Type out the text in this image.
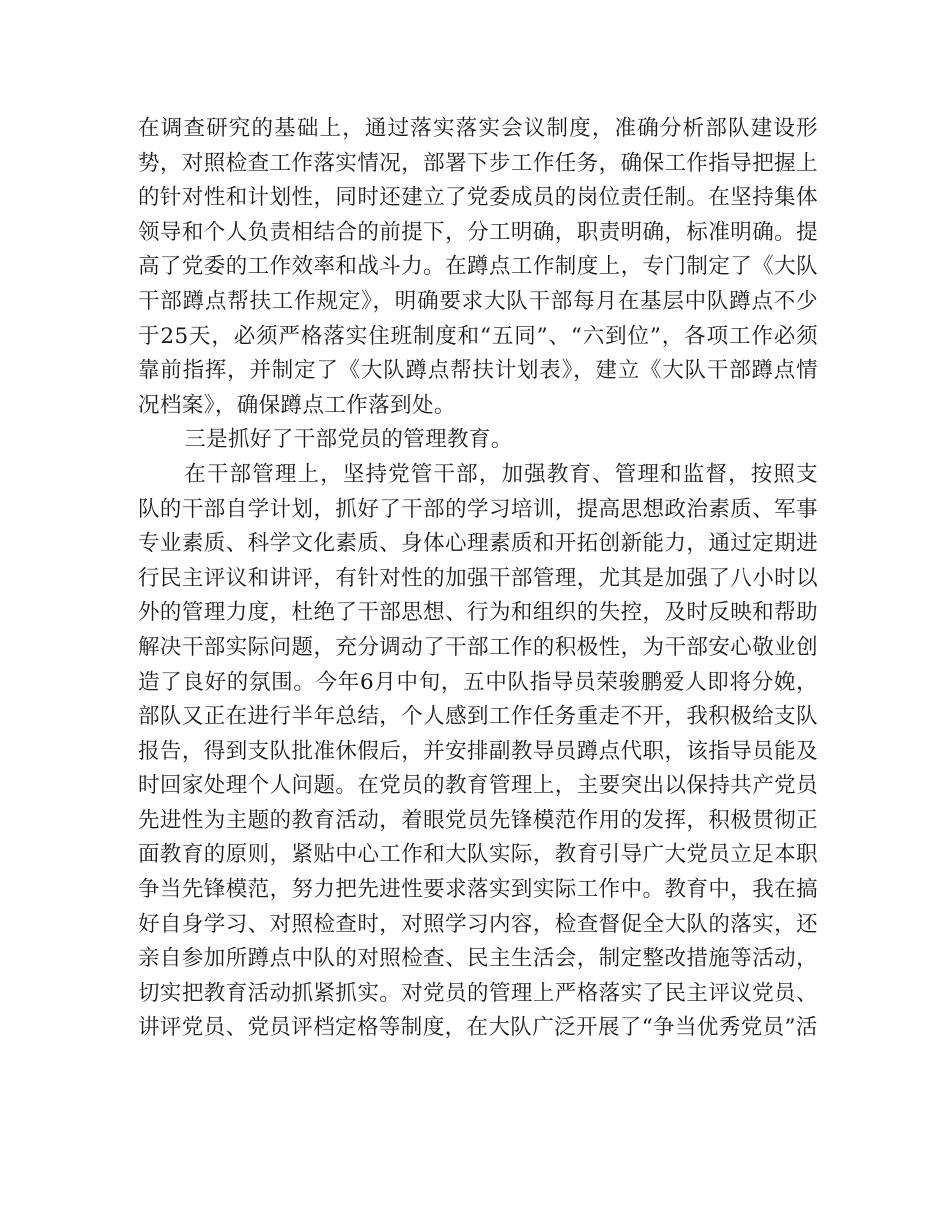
在调查研究的基础上，通过落实落实会议制度，准确分析部队建设形势，对照检查工作落实情况，部署下步工作任务，确保工作指导把握上的针对性和计划性，同时还建立了党委成员的岗位责任制。在坚持集体领导和个人负责相结合的前提下，分工明确，职责明确，标准明确。提高了党委的工作效率和战斗力。在蹲点工作制度上，专门制定了《大队干部蹲点帮扶工作规定》，明确要求大队干部每月在基层中队蹲点不少于25天，必须严格落实住班制度和“五同”、“六到位”，各项工作必须靠前指挥，并制定了《大队蹲点帮扶计划表》，建立《大队干部蹲点情况档案》，确保蹲点工作落到处。

三是抓好了干部党员的管理教育。

在干部管理上，坚持党管干部，加强教育、管理和监督，按照支队的干部自学计划，抓好了干部的学习培训，提高思想政治素质、军事专业素质、科学文化素质、身体心理素质和开拓创新能力，通过定期进行民主评议和讲评，有针对性的加强干部管理，尤其是加强了八小时以外的管理力度，杜绝了干部思想、行为和组织的失控，及时反映和帮助解决干部实际问题，充分调动了干部工作的积极性，为干部安心敬业创造了良好的氛围。今年6月中旬，五中队指导员荣骏鹏爱人即将分娩，部队又正在进行半年总结，个人感到工作任务重走不开，我积极给支队报告，得到支队批准休假后，并安排副教导员蹲点代职，该指导员能及时回家处理个人问题。在党员的教育管理上，主要突出以保持共产党员先进性为主题的教育活动，着眼党员先锋模范作用的发挥，积极贯彻正面教育的原则，紧贴中心工作和大队实际，教育引导广大党员立足本职争当先锋模范，努力把先进性要求落实到实际工作中。教育中，我在搞好自身学习、对照检查时，对照学习内容，检查督促全大队的落实，还亲自参加所蹲点中队的对照检查、民主生活会，制定整改措施等活动，切实把教育活动抓紧抓实。对党员的管理上严格落实了民主评议党员、讲评党员、党员评档定格等制度，在大队广泛开展了“争当优秀党员”活
